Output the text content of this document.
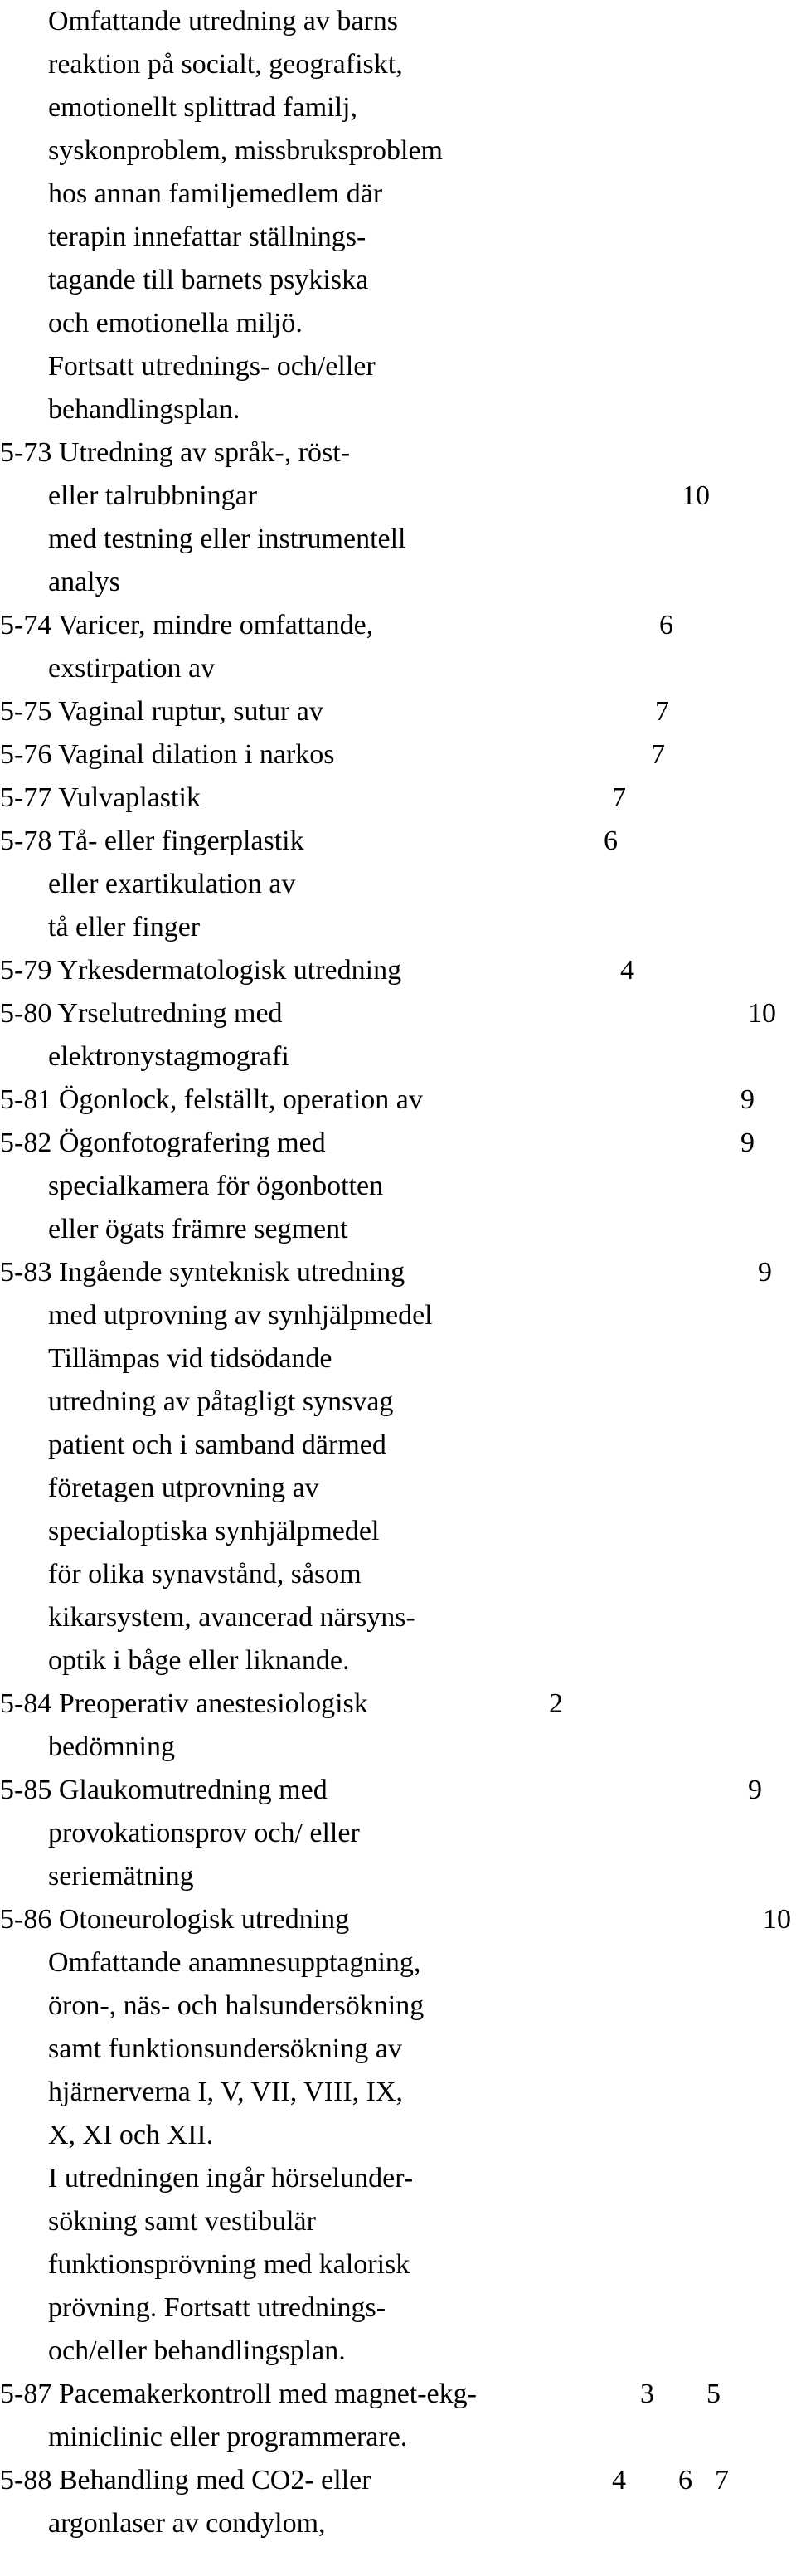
Omfattande utredning av barns
reaktion på socialt, geografiskt,
emotionellt splittrad familj,
syskonproblem, missbruksproblem
hos annan familjemedlem där
terapin innefattar ställnings-
tagande till barnets psykiska
och emotionella miljö.
Fortsatt utrednings- och/eller
behandlingsplan.
5-73 Utredning av språk-, röst-
eller talrubbningar	10
med testning eller instrumentell
analys
5-74 Varicer, mindre omfattande,	6
exstirpation av
5-75 Vaginal ruptur, sutur av	7
5-76 Vaginal dilation i narkos	7
5-77 Vulvaplastik	7
5-78 Tå- eller fingerplastik	6
eller exartikulation av
tå eller finger
5-79 Yrkesdermatologisk utredning	4
5-80 Yrselutredning med	10
elektronystagmografi
5-81 Ögonlock, felställt, operation av	9
5-82 Ögonfotografering med	9
specialkamera för ögonbotten
eller ögats främre segment
5-83 Ingående synteknisk utredning	9
med utprovning av synhjälpmedel
Tillämpas vid tidsödande
utredning av påtagligt synsvag
patient och i samband därmed
företagen utprovning av
specialoptiska synhjälpmedel
för olika synavstånd, såsom
kikarsystem, avancerad närsyns-
optik i båge eller liknande.
5-84 Preoperativ anestesiologisk	2
bedömning
5-85 Glaukomutredning med	9
provokationsprov och/ eller
seriemätning
5-86 Otoneurologisk utredning	10
Omfattande anamnesupptagning,
öron-, näs- och halsundersökning
samt funktionsundersökning av
hjärnerverna I, V, VII, VIII, IX,
X, XI och XII.
I utredningen ingår hörselunder-
sökning samt vestibulär
funktionsprövning med kalorisk
prövning. Fortsatt utrednings-
och/eller behandlingsplan.
5-87 Pacemakerkontroll med magnet-ekg-	3 5
miniclinic eller programmerare.
5-88 Behandling med CO2- eller	4 6 7
argonlaser av condylom,
